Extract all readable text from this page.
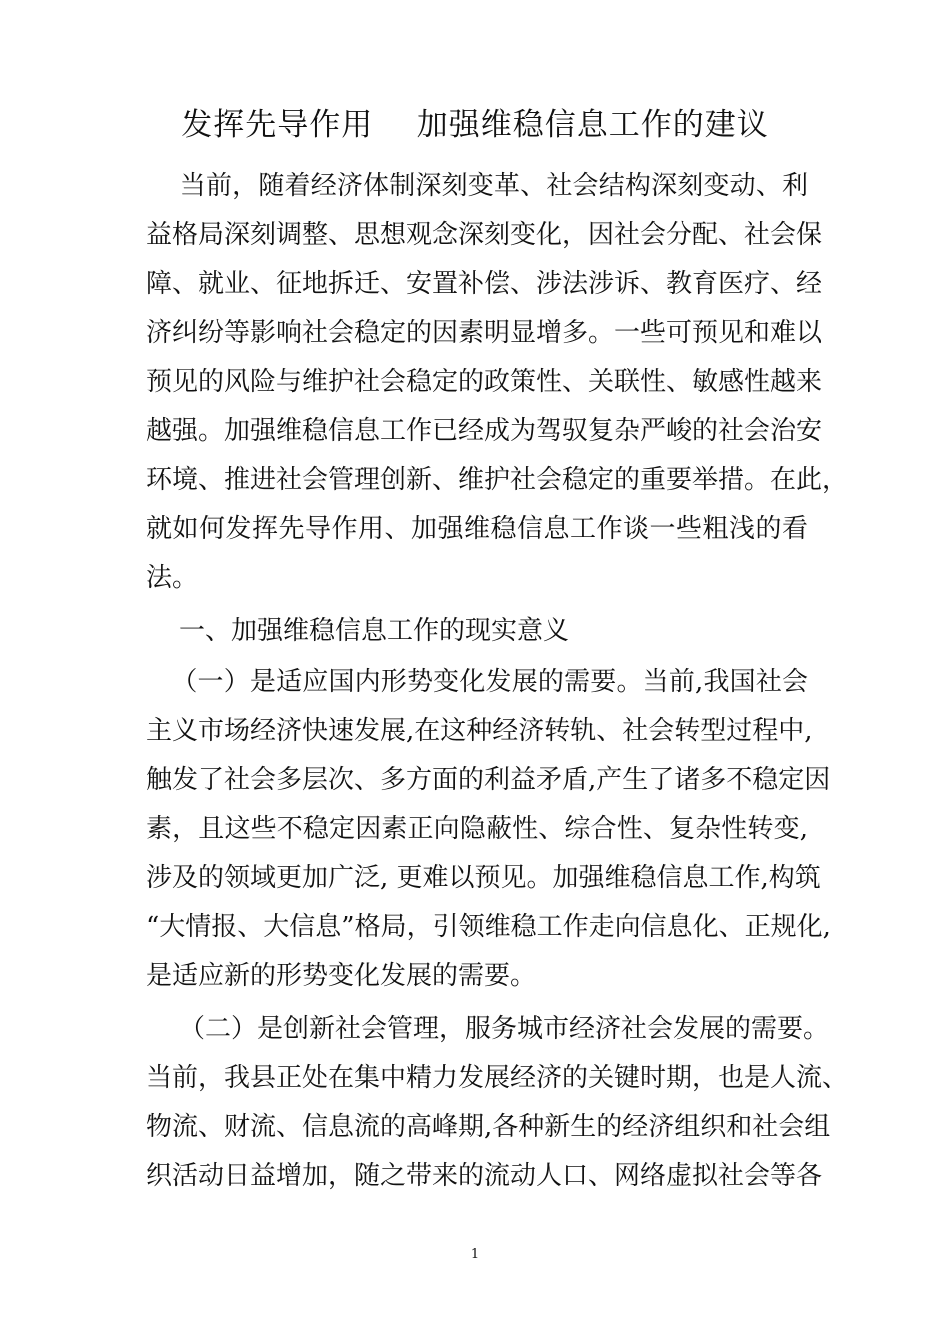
发挥先导作用    加强维稳信息工作的建议
当前，随着经济体制深刻变革、社会结构深刻变动、利
益格局深刻调整、思想观念深刻变化，因社会分配、社会保
障、就业、征地拆迁、安置补偿、涉法涉诉、教育医疗、经
济纠纷等影响社会稳定的因素明显增多。一些可预见和难以
预见的风险与维护社会稳定的政策性、关联性、敏感性越来
越强。加强维稳信息工作已经成为驾驭复杂严峻的社会治安
环境、推进社会管理创新、维护社会稳定的重要举措。在此，
就如何发挥先导作用、加强维稳信息工作谈一些粗浅的看
法。
一、加强维稳信息工作的现实意义
（一）是适应国内形势变化发展的需要。当前,我国社会
主义市场经济快速发展,在这种经济转轨、社会转型过程中,
触发了社会多层次、多方面的利益矛盾,产生了诸多不稳定因
素，且这些不稳定因素正向隐蔽性、综合性、复杂性转变,
涉及的领域更加广泛, 更难以预见。加强维稳信息工作,构筑
“大情报、大信息”格局，引领维稳工作走向信息化、正规化,
是适应新的形势变化发展的需要。
（二）是创新社会管理，服务城市经济社会发展的需要。
当前，我县正处在集中精力发展经济的关键时期，也是人流、
物流、财流、信息流的高峰期,各种新生的经济组织和社会组
织活动日益增加，随之带来的流动人口、网络虚拟社会等各
1
